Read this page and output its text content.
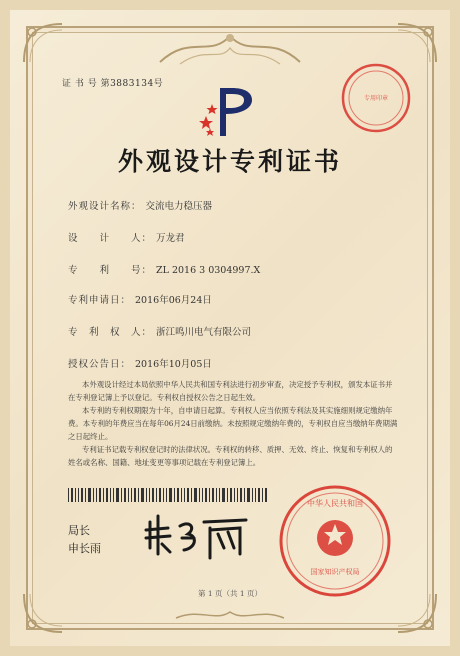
证 书 号 第3883134号
专用印章
外观设计专利证书
外观设计名称： 交流电力稳压器
设　　计　　人： 万龙君
专　　利　　号： ZL 2016 3 0304997.X
专利申请日： 2016年06月24日
专　利　权　人： 浙江鸣川电气有限公司
授权公告日： 2016年10月05日
本外观设计经过本局依照中华人民共和国专利法进行初步审查，决定授予专利权，颁发本证书并在专利登记簿上予以登记。专利权自授权公告之日起生效。
本专利的专利权期限为十年，自申请日起算。专利权人应当依照专利法及其实施细则规定缴纳年费。本专利的年费应当在每年06月24日前缴纳。未按照规定缴纳年费的，专利权自应当缴纳年费期满之日起终止。
专利证书记载专利权登记时的法律状况。专利权的转移、质押、无效、终止、恢复和专利权人的姓名或名称、国籍、地址变更等事项记载在专利登记簿上。
局长
申长雨
中华人民共和国
国家知识产权局
第 1 页（共 1 页）
